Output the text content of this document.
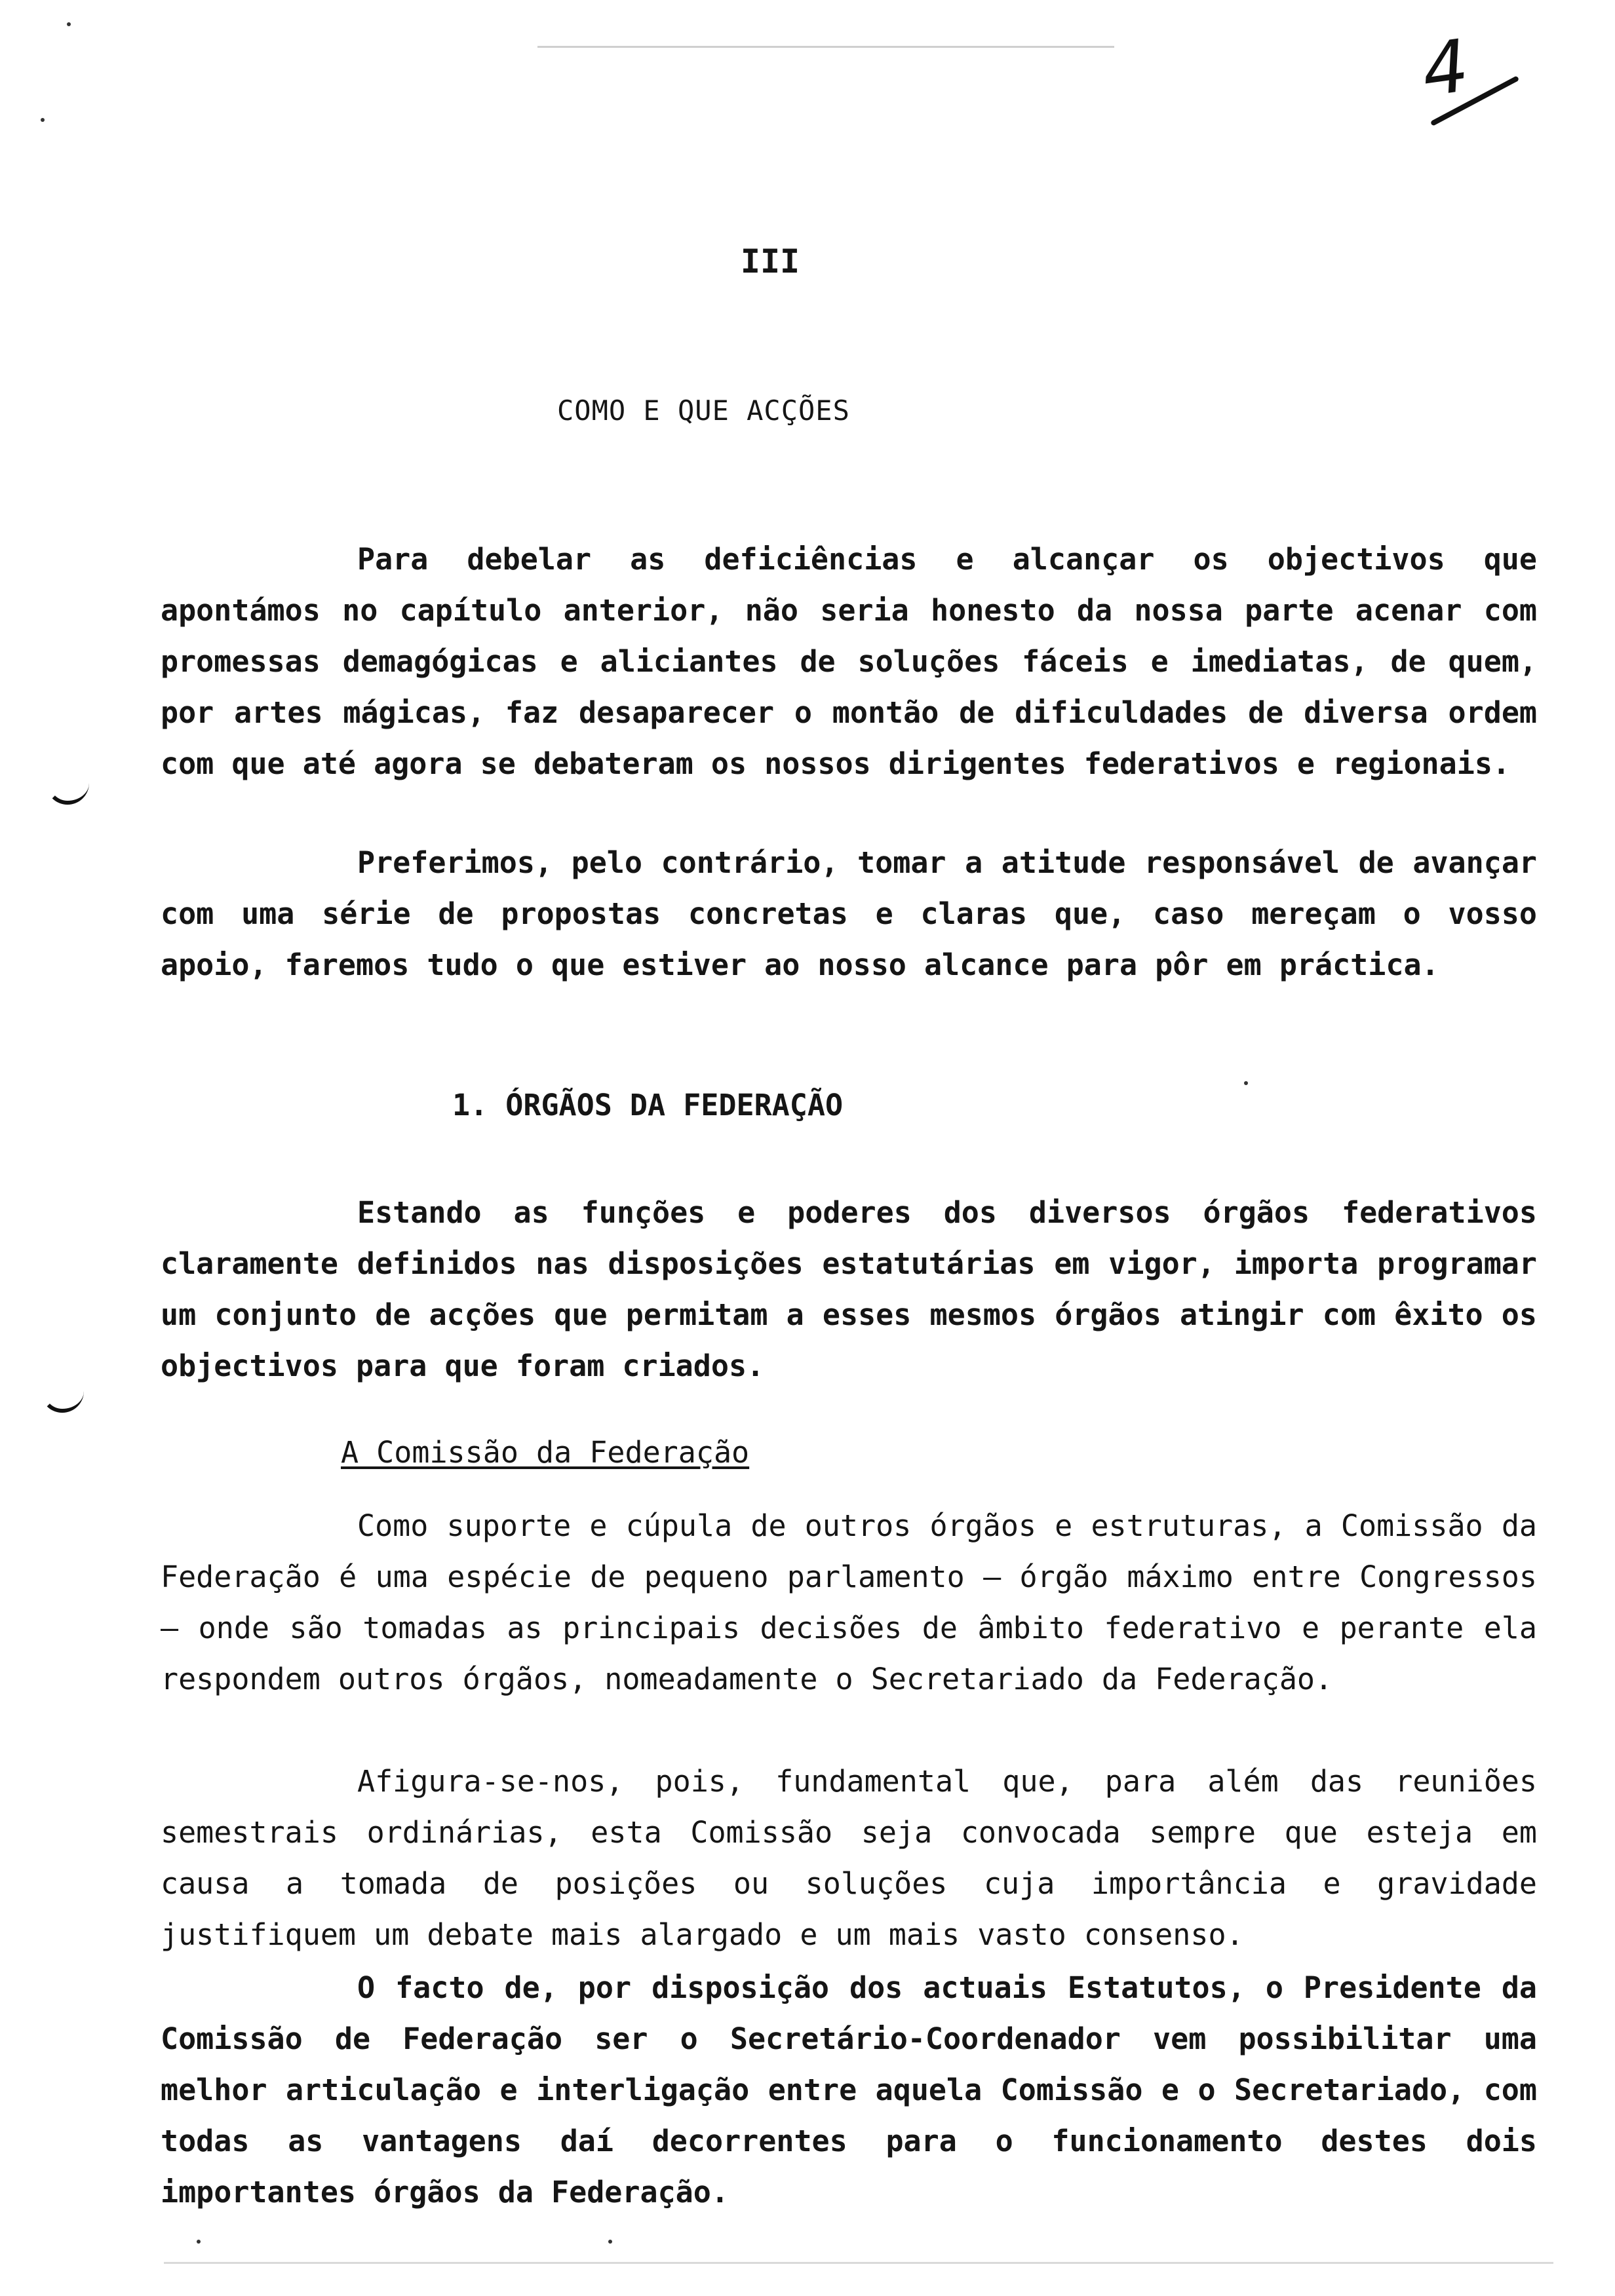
4
III
COMO E QUE ACÇÕES

Para debelar as deficiências e alcançar os objectivos que apontámos no capítulo anterior, não seria honesto da nossa parte acenar com promessas demagógicas e aliciantes de soluções fáceis e imediatas, de quem, por artes mágicas, faz desaparecer o montão de dificuldades de diversa ordem com que até agora se debateram os nossos dirigentes federativos e regionais.

Preferimos, pelo contrário, tomar a atitude responsável de avançar com uma série de propostas concretas e claras que, caso mereçam o vosso apoio, faremos tudo o que estiver ao nosso alcance para pôr em práctica.

1. ÓRGÃOS DA FEDERAÇÃO

Estando as funções e poderes dos diversos órgãos federativos claramente definidos nas disposições estatutárias em vigor, importa programar um conjunto de acções que permitam a esses mesmos órgãos atingir com êxito os objectivos para que foram criados.

A Comissão da Federação

Como suporte e cúpula de outros órgãos e estruturas, a Comissão da Federação é uma espécie de pequeno parlamento — órgão máximo entre Congressos — onde são tomadas as principais decisões de âmbito federativo e perante ela respondem outros órgãos, nomeadamente o Secretariado da Federação.

Afigura-se-nos, pois, fundamental que, para além das reuniões semestrais ordinárias, esta Comissão seja convocada sempre que esteja em causa a tomada de posições ou soluções cuja importância e gravidade justifiquem um debate mais alargado e um mais vasto consenso.

O facto de, por disposição dos actuais Estatutos, o Presidente da Comissão de Federação ser o Secretário-Coordenador vem possibilitar uma melhor articulação e interligação entre aquela Comissão e o Secretariado, com todas as vantagens daí decorrentes para o funcionamento destes dois importantes órgãos da Federação.
